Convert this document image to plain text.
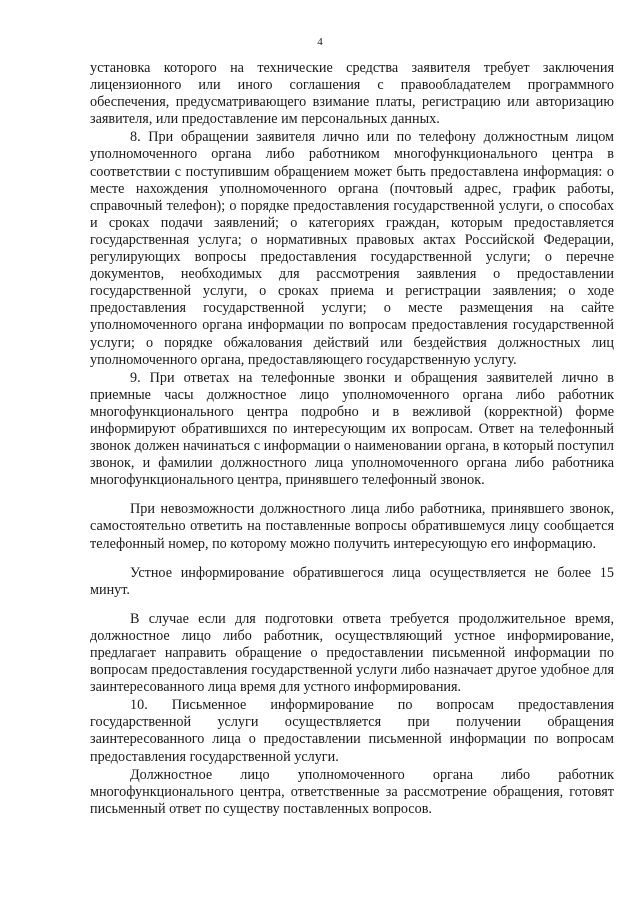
4

установка которого на технические средства заявителя требует заключения лицензионного или иного соглашения с правообладателем программного обеспечения, предусматривающего взимание платы, регистрацию или авторизацию заявителя, или предоставление им персональных данных.

8. При обращении заявителя лично или по телефону должностным лицом уполномоченного органа либо работником многофункционального центра в соответствии с поступившим обращением может быть предоставлена информация: о месте нахождения уполномоченного органа (почтовый адрес, график работы, справочный телефон); о порядке предоставления государственной услуги, о способах и сроках подачи заявлений; о категориях граждан, которым предоставляется государственная услуга; о нормативных правовых актах Российской Федерации, регулирующих вопросы предоставления государственной услуги; о перечне документов, необходимых для рассмотрения заявления о предоставлении государственной услуги, о сроках приема и регистрации заявления; о ходе предоставления государственной услуги; о месте размещения на сайте уполномоченного органа информации по вопросам предоставления государственной услуги; о порядке обжалования действий или бездействия должностных лиц уполномоченного органа, предоставляющего государственную услугу.

9. При ответах на телефонные звонки и обращения заявителей лично в приемные часы должностное лицо уполномоченного органа либо работник многофункционального центра подробно и в вежливой (корректной) форме информируют обратившихся по интересующим их вопросам. Ответ на телефонный звонок должен начинаться с информации о наименовании органа, в который поступил звонок, и фамилии должностного лица уполномоченного органа либо работника многофункционального центра, принявшего телефонный звонок.

При невозможности должностного лица либо работника, принявшего звонок, самостоятельно ответить на поставленные вопросы обратившемуся лицу сообщается телефонный номер, по которому можно получить интересующую его информацию.

Устное информирование обратившегося лица осуществляется не более 15 минут.

В случае если для подготовки ответа требуется продолжительное время, должностное лицо либо работник, осуществляющий устное информирование, предлагает направить обращение о предоставлении письменной информации по вопросам предоставления государственной услуги либо назначает другое удобное для заинтересованного лица время для устного информирования.

10. Письменное информирование по вопросам предоставления государственной услуги осуществляется при получении обращения заинтересованного лица о предоставлении письменной информации по вопросам предоставления государственной услуги.

Должностное лицо уполномоченного органа либо работник многофункционального центра, ответственные за рассмотрение обращения, готовят письменный ответ по существу поставленных вопросов.
